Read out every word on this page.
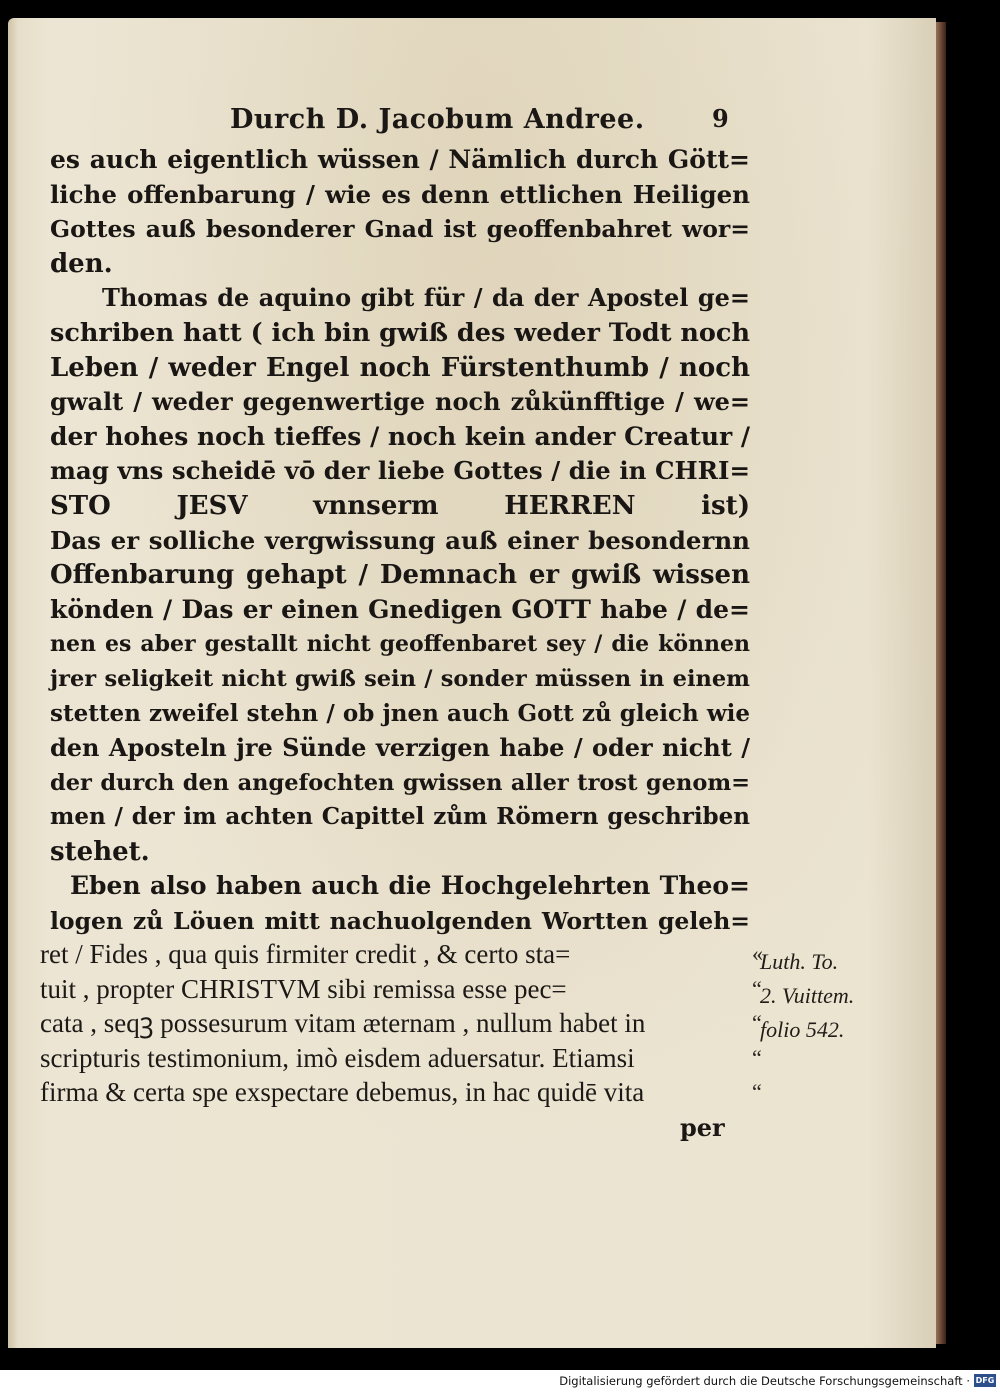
Durch D. Jacobum Andree.	9
es auch eigentlich wüssen / Nämlich durch Gött=
liche offenbarung / wie es denn ettlichen Heiligen
Gottes auß besonderer Gnad ist geoffenbahret wor=
den.
Thomas de aquino gibt für / da der Apostel ge=
schriben hatt ( ich bin gwiß des weder Todt noch
Leben / weder Engel noch Fürstenthumb / noch
gwalt / weder gegenwertige noch zůkünfftige / we=
der hohes noch tieffes / noch kein ander Creatur /
mag vns scheidē vō der liebe Gottes / die in CHRI=
STO JESV vnnserm HERREN ist)
Das er solliche vergwissung auß einer besondernn
Offenbarung gehapt / Demnach er gwiß wissen
könden / Das er einen Gnedigen GOTT habe / de=
nen es aber gestallt nicht geoffenbaret sey / die können
jrer seligkeit nicht gwiß sein / sonder müssen in einem
stetten zweifel stehn / ob jnen auch Gott zů gleich wie
den Aposteln jre Sünde verzigen habe / oder nicht /
der durch den angefochten gwissen aller trost genom=
men / der im achten Capittel zům Römern geschriben
stehet.
Eben also haben auch die Hochgelehrten Theo=
logen zů Löuen mitt nachuolgenden Wortten geleh=
ret / Fides , qua quis firmiter credit , & certo sta=
tuit , propter CHRISTVM sibi remissa esse pec=
cata , seqꝫ possesurum vitam æternam , nullum habet in
scripturis testimonium, imò eisdem aduersatur. Etiamsi
firma & certa spe exspectare debemus, in hac quidē vita
«
“
“
“
“
Luth. To.
2. Vuittem.
folio 542.
per
Digitalisierung gefördert durch die Deutsche Forschungsgemeinschaft · DFG
